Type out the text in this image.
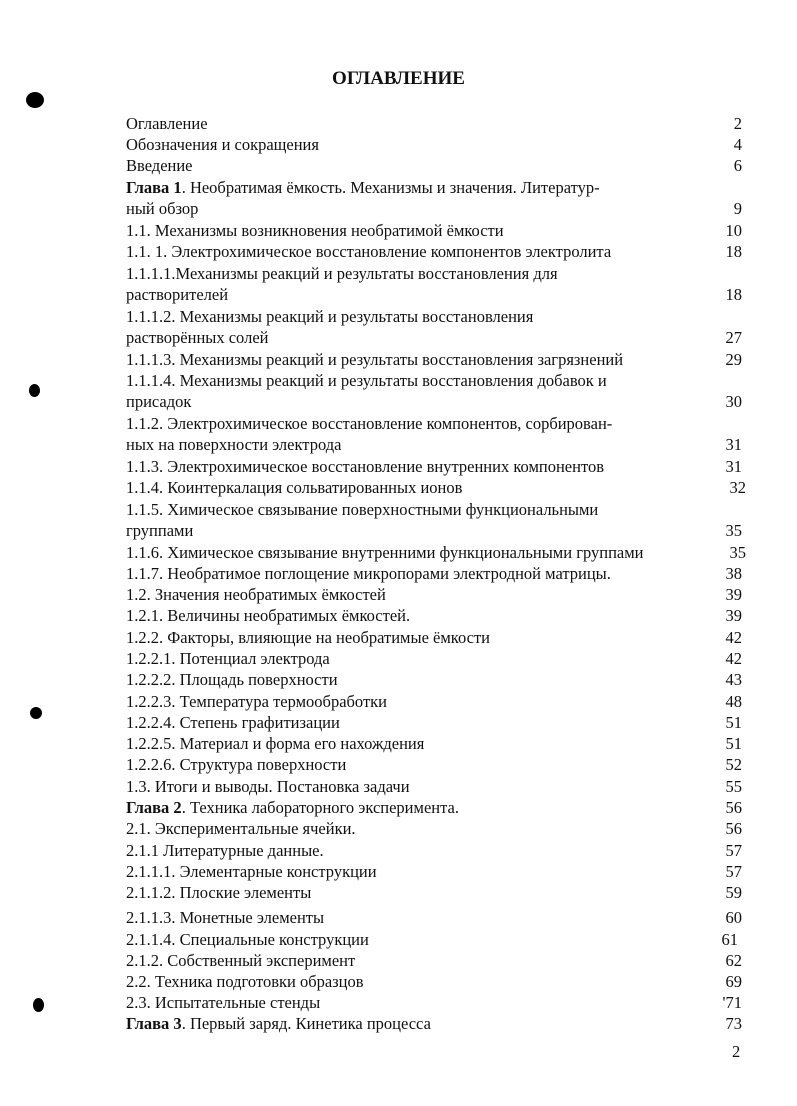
ОГЛАВЛЕНИЕ
Оглавление	2
Обозначения и сокращения	4
Введение	6
Глава 1. Необратимая ёмкость. Механизмы и значения. Литератур-
ный обзор	9
1.1. Механизмы возникновения необратимой ёмкости	10
1.1. 1. Электрохимическое восстановление компонентов электролита	18
1.1.1.1.Механизмы реакций и результаты восстановления для
растворителей	18
1.1.1.2. Механизмы реакций и результаты восстановления
растворённых солей	27
1.1.1.3. Механизмы реакций и результаты восстановления загрязнений	29
1.1.1.4. Механизмы реакций и результаты восстановления добавок и
присадок	30
1.1.2. Электрохимическое восстановление компонентов, сорбирован-
ных на поверхности электрода	31
1.1.3. Электрохимическое восстановление внутренних компонентов	31
1.1.4. Коинтеркалация сольватированных ионов	32
1.1.5. Химическое связывание поверхностными функциональными
группами	35
1.1.6. Химическое связывание внутренними функциональными группами	35
1.1.7. Необратимое поглощение микропорами электродной матрицы.	38
1.2. Значения необратимых ёмкостей	39
1.2.1. Величины необратимых ёмкостей.	39
1.2.2. Факторы, влияющие на необратимые ёмкости	42
1.2.2.1. Потенциал электрода	42
1.2.2.2. Площадь поверхности	43
1.2.2.3. Температура термообработки	48
1.2.2.4. Степень графитизации	51
1.2.2.5. Материал и форма его нахождения	51
1.2.2.6. Структура поверхности	52
1.3. Итоги и выводы. Постановка задачи	55
Глава 2. Техника лабораторного эксперимента.	56
2.1. Экспериментальные ячейки.	56
2.1.1 Литературные данные.	57
2.1.1.1. Элементарные конструкции	57
2.1.1.2. Плоские элементы	59
2.1.1.3. Монетные элементы	60
2.1.1.4. Специальные конструкции	61
2.1.2. Собственный эксперимент	62
2.2. Техника подготовки образцов	69
2.3. Испытательные стенды	'71
Глава 3. Первый заряд. Кинетика процесса	73
2
